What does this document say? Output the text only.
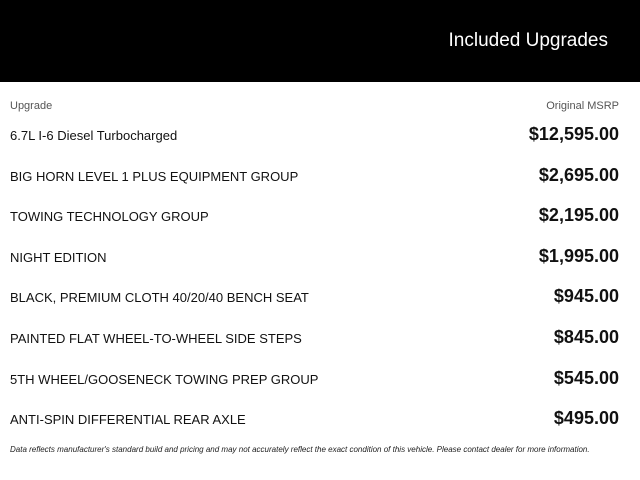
Included Upgrades
Upgrade	Original MSRP
6.7L I-6 Diesel Turbocharged	$12,595.00
BIG HORN LEVEL 1 PLUS EQUIPMENT GROUP	$2,695.00
TOWING TECHNOLOGY GROUP	$2,195.00
NIGHT EDITION	$1,995.00
BLACK, PREMIUM CLOTH 40/20/40 BENCH SEAT	$945.00
PAINTED FLAT WHEEL-TO-WHEEL SIDE STEPS	$845.00
5TH WHEEL/GOOSENECK TOWING PREP GROUP	$545.00
ANTI-SPIN DIFFERENTIAL REAR AXLE	$495.00
Data reflects manufacturer's standard build and pricing and may not accurately reflect the exact condition of this vehicle. Please contact dealer for more information.
